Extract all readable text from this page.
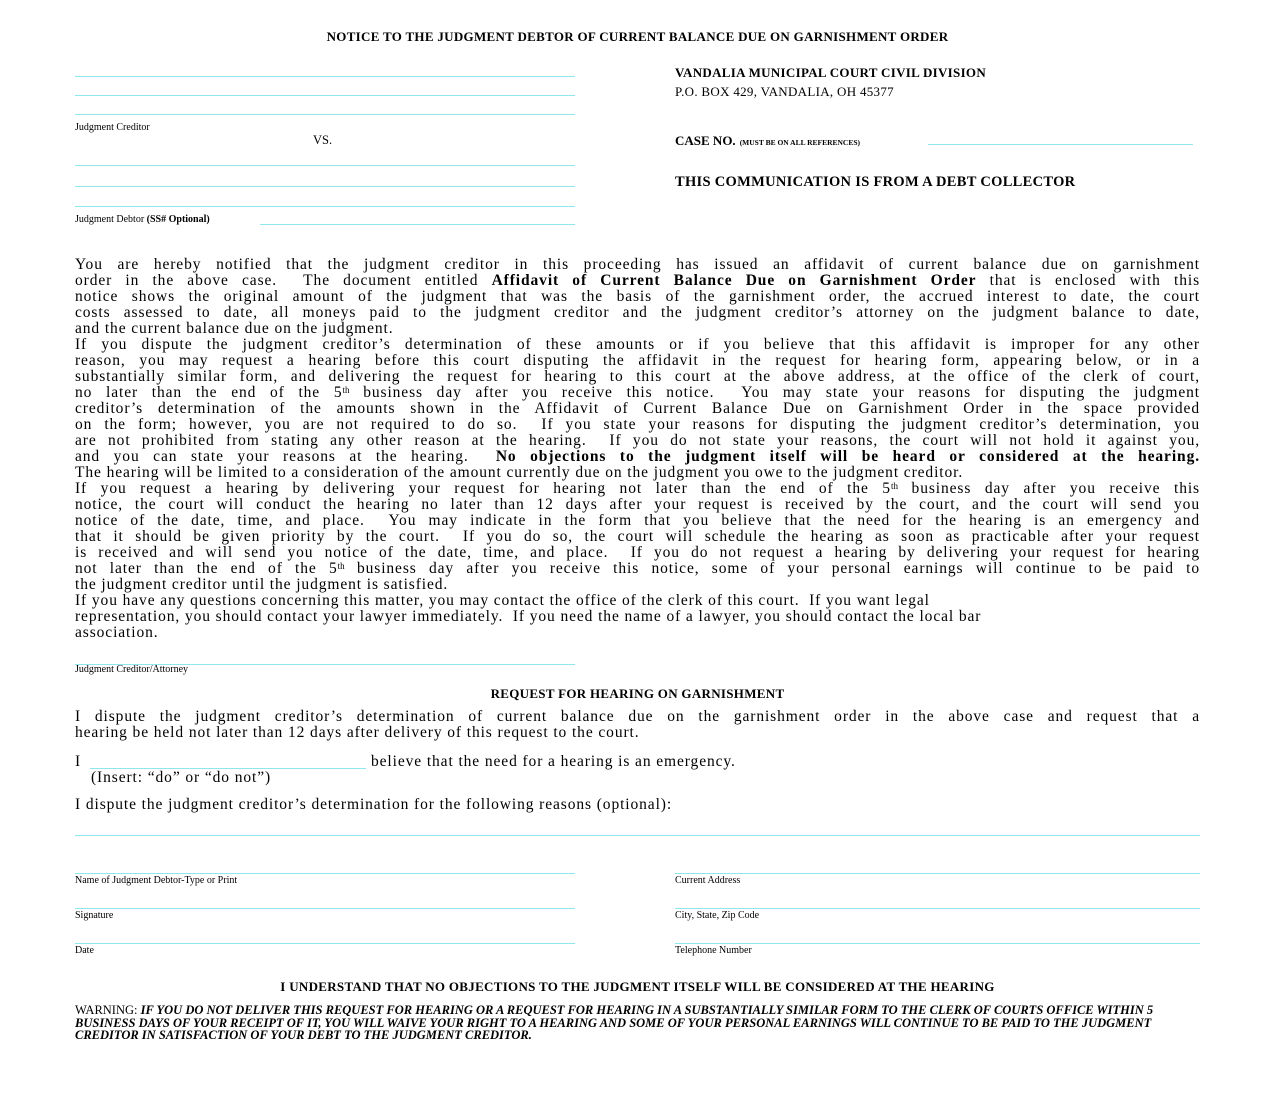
NOTICE TO THE JUDGMENT DEBTOR OF CURRENT BALANCE DUE ON GARNISHMENT ORDER
Judgment Creditor
VS.
Judgment Debtor (SS# Optional)
VANDALIA MUNICIPAL COURT CIVIL DIVISION
P.O. BOX 429, VANDALIA, OH 45377
CASE NO. (MUST BE ON ALL REFERENCES)
THIS COMMUNICATION IS FROM A DEBT COLLECTOR
You are hereby notified that the judgment creditor in this proceeding has issued an affidavit of current balance due on garnishment
order in the above case.  The document entitled Affidavit of Current Balance Due on Garnishment Order that is enclosed with this
notice shows the original amount of the judgment that was the basis of the garnishment order, the accrued interest to date, the court
costs assessed to date, all moneys paid to the judgment creditor and the judgment creditor’s attorney on the judgment balance to date,
and the current balance due on the judgment.
If you dispute the judgment creditor’s determination of these amounts or if you believe that this affidavit is improper for any other
reason, you may request a hearing before this court disputing the affidavit in the request for hearing form, appearing below, or in a
substantially similar form, and delivering the request for hearing to this court at the above address, at the office of the clerk of court,
no later than the end of the 5th business day after you receive this notice.  You may state your reasons for disputing the judgment
creditor’s determination of the amounts shown in the Affidavit of Current Balance Due on Garnishment Order in the space provided
on the form; however, you are not required to do so.  If you state your reasons for disputing the judgment creditor’s determination, you
are not prohibited from stating any other reason at the hearing.  If you do not state your reasons, the court will not hold it against you,
and you can state your reasons at the hearing.  No objections to the judgment itself will be heard or considered at the hearing.
The hearing will be limited to a consideration of the amount currently due on the judgment you owe to the judgment creditor.
If you request a hearing by delivering your request for hearing not later than the end of the 5th business day after you receive this
notice, the court will conduct the hearing no later than 12 days after your request is received by the court, and the court will send you
notice of the date, time, and place.  You may indicate in the form that you believe that the need for the hearing is an emergency and
that it should be given priority by the court.  If you do so, the court will schedule the hearing as soon as practicable after your request
is received and will send you notice of the date, time, and place.  If you do not request a hearing by delivering your request for hearing
not later than the end of the 5th business day after you receive this notice, some of your personal earnings will continue to be paid to
the judgment creditor until the judgment is satisfied.
If you have any questions concerning this matter, you may contact the office of the clerk of this court.  If you want legal
representation, you should contact your lawyer immediately.  If you need the name of a lawyer, you should contact the local bar
association.
Judgment Creditor/Attorney
REQUEST FOR HEARING ON GARNISHMENT
I dispute the judgment creditor’s determination of current balance due on the garnishment order in the above case and request that a
hearing be held not later than 12 days after delivery of this request to the court.
I	believe that the need for a hearing is an emergency.
(Insert: “do” or “do not”)
I dispute the judgment creditor’s determination for the following reasons (optional):
Name of Judgment Debtor-Type or Print	Current Address
Signature	City, State, Zip Code
Date	Telephone Number
I UNDERSTAND THAT NO OBJECTIONS TO THE JUDGMENT ITSELF WILL BE CONSIDERED AT THE HEARING
WARNING: IF YOU DO NOT DELIVER THIS REQUEST FOR HEARING OR A REQUEST FOR HEARING IN A SUBSTANTIALLY SIMILAR FORM TO THE CLERK OF COURTS OFFICE WITHIN 5 BUSINESS DAYS OF YOUR RECEIPT OF IT, YOU WILL WAIVE YOUR RIGHT TO A HEARING AND SOME OF YOUR PERSONAL EARNINGS WILL CONTINUE TO BE PAID TO THE JUDGMENT CREDITOR IN SATISFACTION OF YOUR DEBT TO THE JUDGMENT CREDITOR.
